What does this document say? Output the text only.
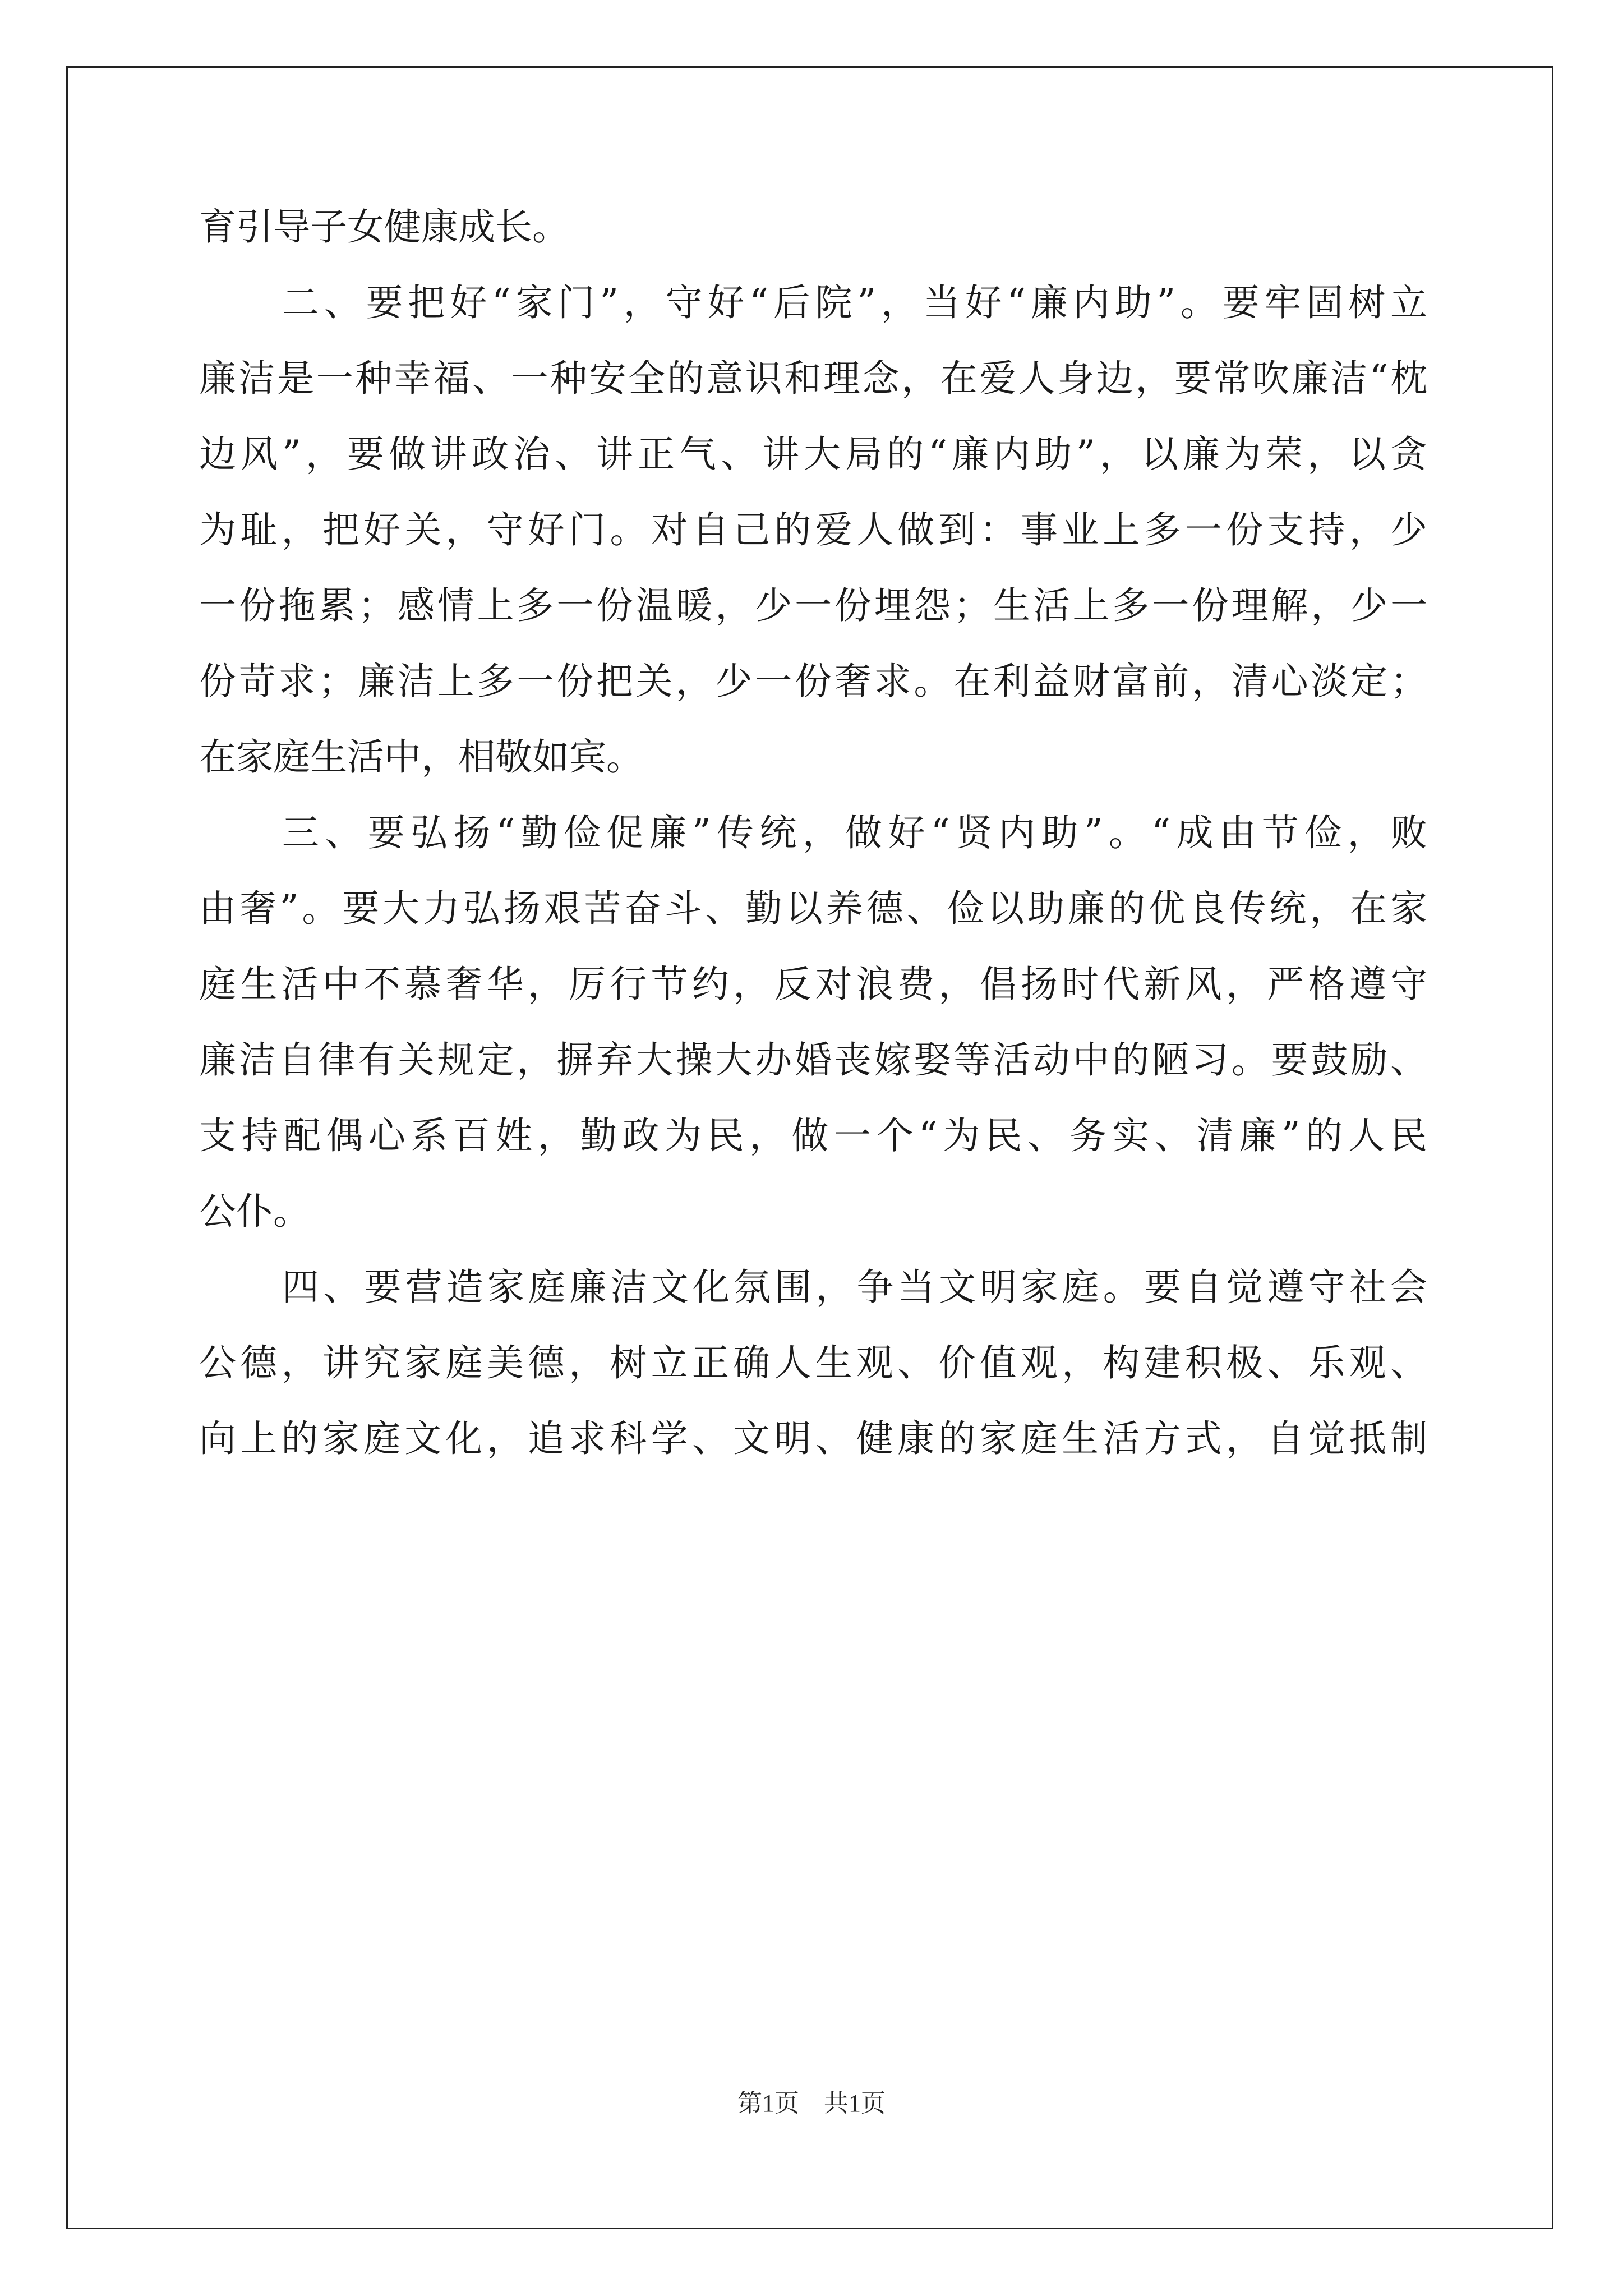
育引导子女健康成长。
二、要把好“家门”，守好“后院”，当好“廉内助”。要牢固树立
廉洁是一种幸福、一种安全的意识和理念，在爱人身边，要常吹廉洁“枕
边风”，要做讲政治、讲正气、讲大局的“廉内助”，以廉为荣，以贪
为耻，把好关，守好门。对自己的爱人做到：事业上多一份支持，少
一份拖累；感情上多一份温暖，少一份埋怨；生活上多一份理解，少一
份苛求；廉洁上多一份把关，少一份奢求。在利益财富前，清心淡定；
在家庭生活中，相敬如宾。
三、要弘扬“勤俭促廉”传统，做好“贤内助”。“成由节俭，败
由奢”。要大力弘扬艰苦奋斗、勤以养德、俭以助廉的优良传统，在家
庭生活中不慕奢华，厉行节约，反对浪费，倡扬时代新风，严格遵守
廉洁自律有关规定，摒弃大操大办婚丧嫁娶等活动中的陋习。要鼓励、
支持配偶心系百姓，勤政为民，做一个“为民、务实、清廉”的人民
公仆。
四、要营造家庭廉洁文化氛围，争当文明家庭。要自觉遵守社会
公德，讲究家庭美德，树立正确人生观、价值观，构建积极、乐观、
向上的家庭文化，追求科学、文明、健康的家庭生活方式，自觉抵制
第1页　共1页
